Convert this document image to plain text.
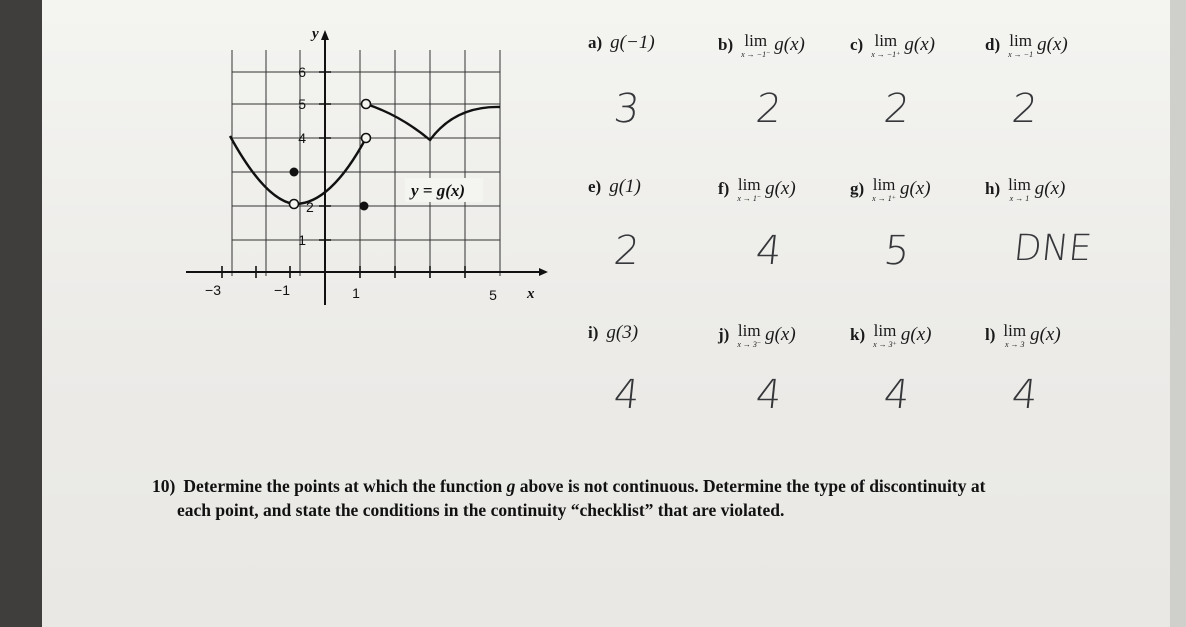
y
x
6
5
4
2
1
−3	−1	1	5
y = g(x)
a) g(−1)
3
b) lim
x → −1⁻ g(x)
2
c) lim
x → −1⁺ g(x)
2
d) lim
x → −1 g(x)
2
e) g(1)
2
f) lim
x → 1⁻ g(x)
4
g) lim
x → 1⁺ g(x)
5
h) lim
x → 1 g(x)
DNE
i) g(3)
4
j) lim
x → 3⁻ g(x)
4
k) lim
x → 3⁺ g(x)
4
l) lim
x → 3 g(x)
4
10) Determine the points at which the function g above is not continuous. Determine the type of discontinuity at
each point, and state the conditions in the continuity “checklist” that are violated.
